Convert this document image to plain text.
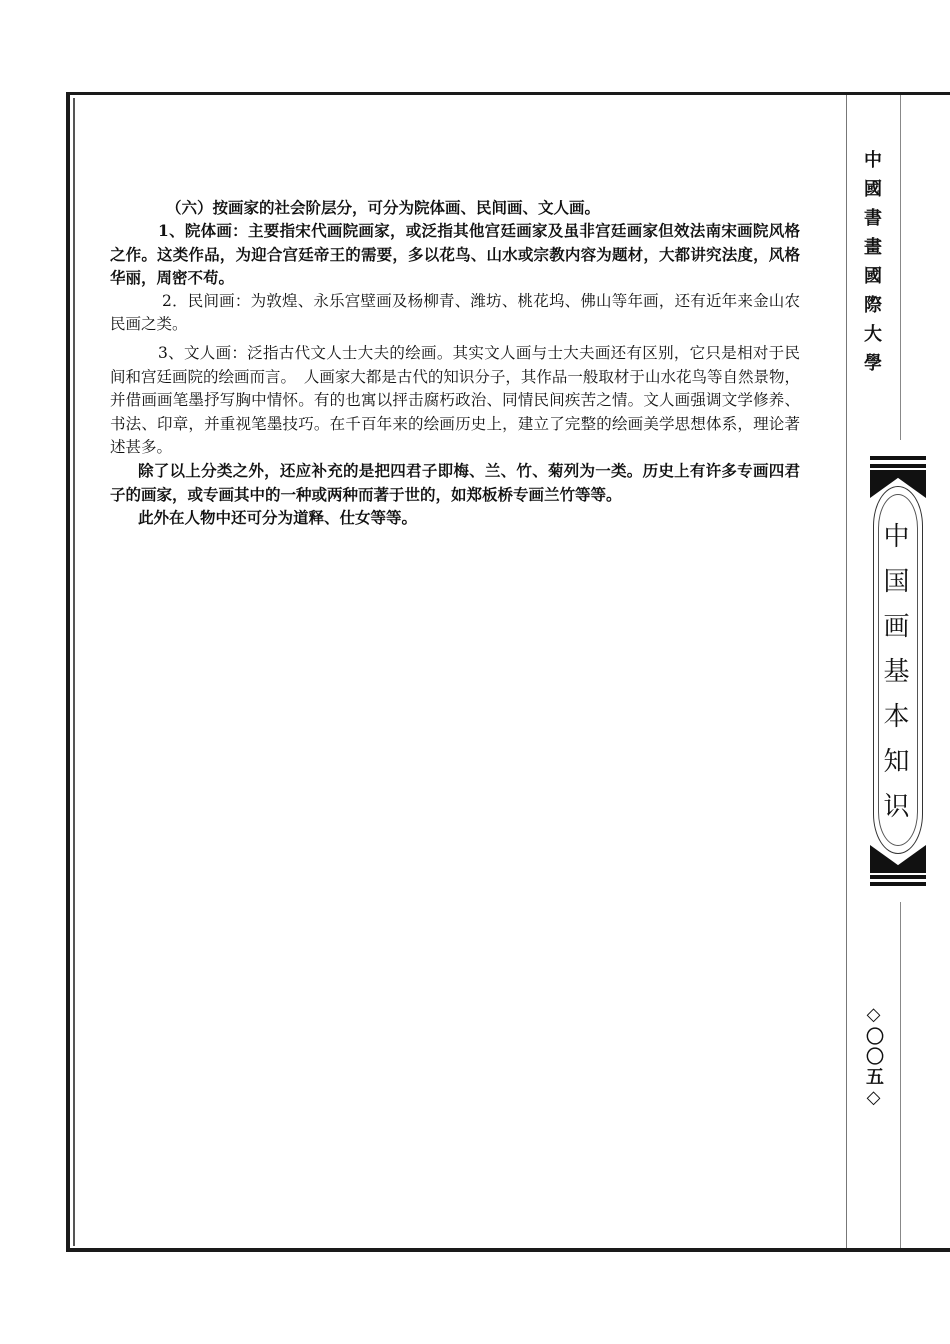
（六）按画家的社会阶层分，可分为院体画、民间画、文人画。

1、院体画：主要指宋代画院画家，或泛指其他宫廷画家及虽非宫廷画家但效法南宋画院风格之作。这类作品，为迎合宫廷帝王的需要，多以花鸟、山水或宗教内容为题材，大都讲究法度，风格华丽，周密不苟。

2．民间画：为敦煌、永乐宫壁画及杨柳青、潍坊、桃花坞、佛山等年画，还有近年来金山农民画之类。

3、文人画：泛指古代文人士大夫的绘画。其实文人画与士大夫画还有区别，它只是相对于民间和宫廷画院的绘画而言。　人画家大都是古代的知识分子，其作品一般取材于山水花鸟等自然景物，并借画画笔墨抒写胸中情怀。有的也寓以抨击腐朽政治、同情民间疾苦之情。文人画强调文学修养、书法、印章，并重视笔墨技巧。在千百年来的绘画历史上，建立了完整的绘画美学思想体系，理论著述甚多。

除了以上分类之外，还应补充的是把四君子即梅、兰、竹、菊列为一类。历史上有许多专画四君子的画家，或专画其中的一种或两种而著于世的，如郑板桥专画兰竹等等。

此外在人物中还可分为道释、仕女等等。

中國書畫國際大學
中国画基本知识
◇〇〇五◇
